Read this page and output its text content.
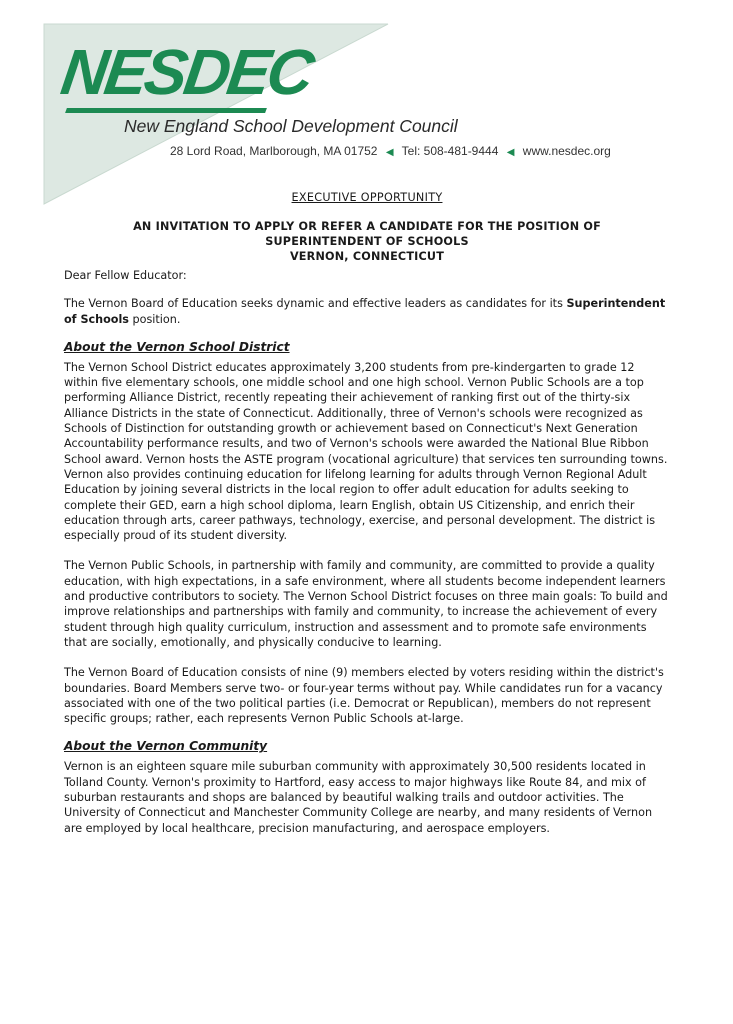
NESDEC
New England School Development Council
28 Lord Road, Marlborough, MA 01752 ◀ Tel: 508-481-9444 ◀ www.nesdec.org
EXECUTIVE OPPORTUNITY
AN INVITATION TO APPLY OR REFER A CANDIDATE FOR THE POSITION OF
SUPERINTENDENT OF SCHOOLS
VERNON, CONNECTICUT

Dear Fellow Educator:

The Vernon Board of Education seeks dynamic and effective leaders as candidates for its Superintendent of Schools position.

About the Vernon School District

The Vernon School District educates approximately 3,200 students from pre-kindergarten to grade 12 within five elementary schools, one middle school and one high school. Vernon Public Schools are a top performing Alliance District, recently repeating their achievement of ranking first out of the thirty-six Alliance Districts in the state of Connecticut. Additionally, three of Vernon's schools were recognized as Schools of Distinction for outstanding growth or achievement based on Connecticut's Next Generation Accountability performance results, and two of Vernon's schools were awarded the National Blue Ribbon School award. Vernon hosts the ASTE program (vocational agriculture) that services ten surrounding towns. Vernon also provides continuing education for lifelong learning for adults through Vernon Regional Adult Education by joining several districts in the local region to offer adult education for adults seeking to complete their GED, earn a high school diploma, learn English, obtain US Citizenship, and enrich their education through arts, career pathways, technology, exercise, and personal development. The district is especially proud of its student diversity.

The Vernon Public Schools, in partnership with family and community, are committed to provide a quality education, with high expectations, in a safe environment, where all students become independent learners and productive contributors to society. The Vernon School District focuses on three main goals: To build and improve relationships and partnerships with family and community, to increase the achievement of every student through high quality curriculum, instruction and assessment and to promote safe environments that are socially, emotionally, and physically conducive to learning.

The Vernon Board of Education consists of nine (9) members elected by voters residing within the district's boundaries. Board Members serve two- or four-year terms without pay. While candidates run for a vacancy associated with one of the two political parties (i.e. Democrat or Republican), members do not represent specific groups; rather, each represents Vernon Public Schools at-large.

About the Vernon Community

Vernon is an eighteen square mile suburban community with approximately 30,500 residents located in Tolland County. Vernon's proximity to Hartford, easy access to major highways like Route 84, and mix of suburban restaurants and shops are balanced by beautiful walking trails and outdoor activities. The University of Connecticut and Manchester Community College are nearby, and many residents of Vernon are employed by local healthcare, precision manufacturing, and aerospace employers.
